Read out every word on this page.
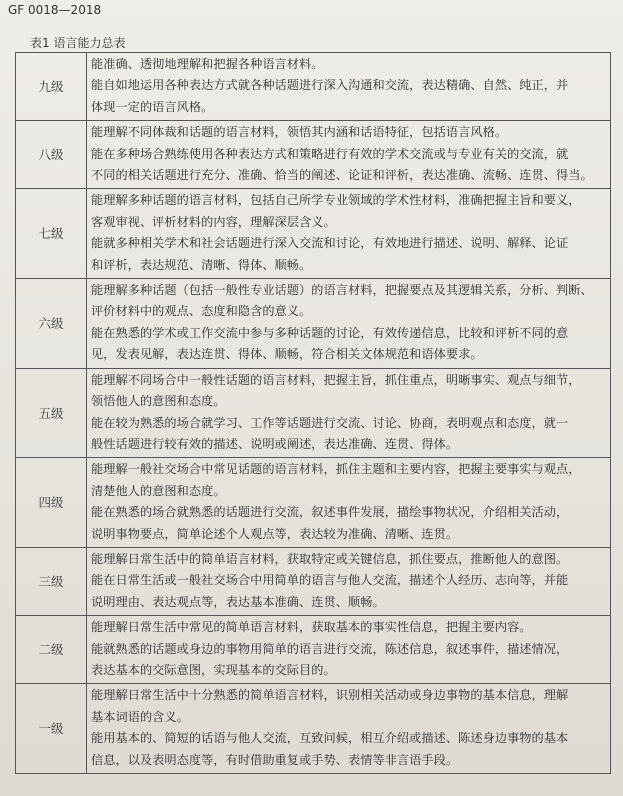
GF 0018—2018
表1 语言能力总表
九级	能准确、透彻地理解和把握各种语言材料。

能自如地运用各种表达方式就各种话题进行深入沟通和交流，表达精确、自然、纯正，并

体现一定的语言风格。

八级	能理解不同体裁和话题的语言材料，领悟其内涵和话语特征，包括语言风格。

能在多种场合熟练使用各种表达方式和策略进行有效的学术交流或与专业有关的交流，就

不同的相关话题进行充分、准确、恰当的阐述、论证和评析，表达准确、流畅、连贯、得当。

七级	能理解多种话题的语言材料，包括自己所学专业领域的学术性材料，准确把握主旨和要义，

客观审视、评析材料的内容，理解深层含义。

能就多种相关学术和社会话题进行深入交流和讨论，有效地进行描述、说明、解释、论证

和评析，表达规范、清晰、得体、顺畅。

六级	能理解多种话题（包括一般性专业话题）的语言材料，把握要点及其逻辑关系，分析、判断、

评价材料中的观点、态度和隐含的意义。

能在熟悉的学术或工作交流中参与多种话题的讨论，有效传递信息，比较和评析不同的意

见，发表见解，表达连贯、得体、顺畅，符合相关文体规范和语体要求。

五级	能理解不同场合中一般性话题的语言材料，把握主旨，抓住重点，明晰事实、观点与细节，

领悟他人的意图和态度。

能在较为熟悉的场合就学习、工作等话题进行交流、讨论、协商，表明观点和态度，就一

般性话题进行较有效的描述、说明或阐述，表达准确、连贯、得体。

四级	能理解一般社交场合中常见话题的语言材料，抓住主题和主要内容，把握主要事实与观点，

清楚他人的意图和态度。

能在熟悉的场合就熟悉的话题进行交流，叙述事件发展，描绘事物状况，介绍相关活动，

说明事物要点，简单论述个人观点等，表达较为准确、清晰、连贯。

三级	能理解日常生活中的简单语言材料，获取特定或关键信息，抓住要点，推断他人的意图。

能在日常生活或一般社交场合中用简单的语言与他人交流，描述个人经历、志向等，并能

说明理由、表达观点等，表达基本准确、连贯、顺畅。

二级	能理解日常生活中常见的简单语言材料，获取基本的事实性信息，把握主要内容。

能就熟悉的话题或身边的事物用简单的语言进行交流，陈述信息，叙述事件，描述情况，

表达基本的交际意图，实现基本的交际目的。

一级	能理解日常生活中十分熟悉的简单语言材料，识别相关活动或身边事物的基本信息，理解

基本词语的含义。

能用基本的、简短的话语与他人交流，互致问候，相互介绍或描述、陈述身边事物的基本

信息，以及表明态度等，有时借助重复或手势、表情等非言语手段。
